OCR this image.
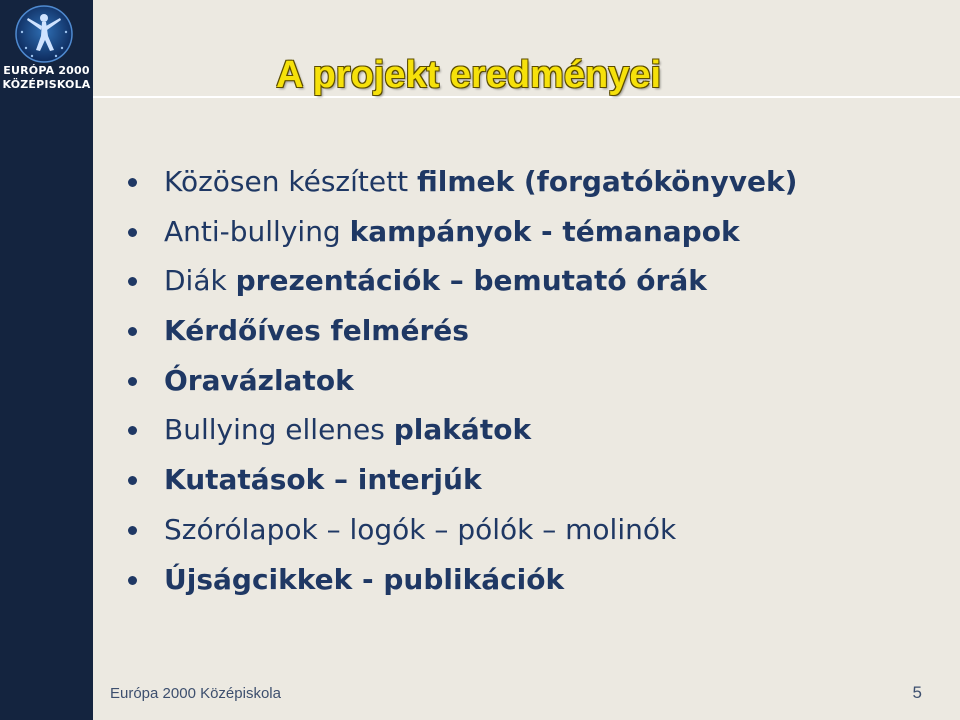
EURÓPA 2000
KÖZÉPISKOLA	A projekt eredményei
Közösen készített filmek (forgatókönyvek)
Anti-bullying kampányok - témanapok
Diák prezentációk – bemutató órák
Kérdőíves felmérés
Óravázlatok
Bullying ellenes plakátok
Kutatások – interjúk
Szórólapok – logók – pólók – molinók
Újságcikkek - publikációk
Európa 2000 Középiskola	5
